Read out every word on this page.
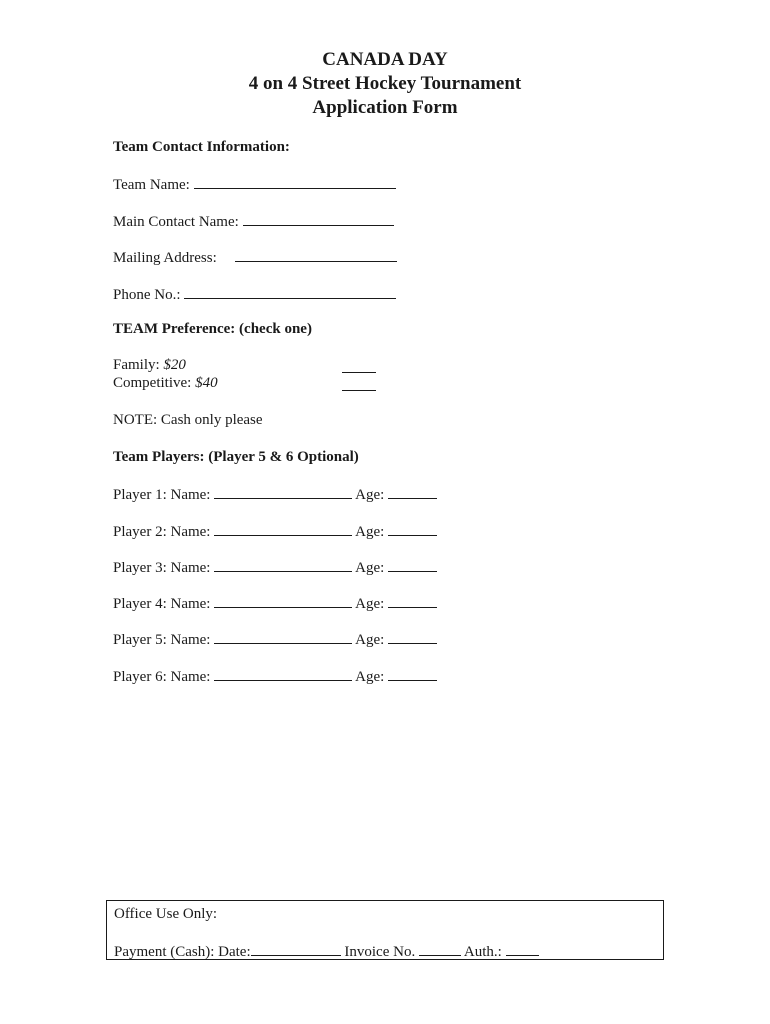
CANADA DAY
4 on 4 Street Hockey Tournament
Application Form
Team Contact Information:
Team Name:
Main Contact Name:
Mailing Address:
Phone No.:
TEAM Preference: (check one)
Family: $20
Competitive: $40
NOTE: Cash only please
Team Players: (Player 5 & 6 Optional)
Player 1: Name:	Age:
Player 2: Name:	Age:
Player 3: Name:	Age:
Player 4: Name:	Age:
Player 5: Name:	Age:
Player 6: Name:	Age:
Office Use Only:
Payment (Cash): Date:	Invoice No.	Auth.:
